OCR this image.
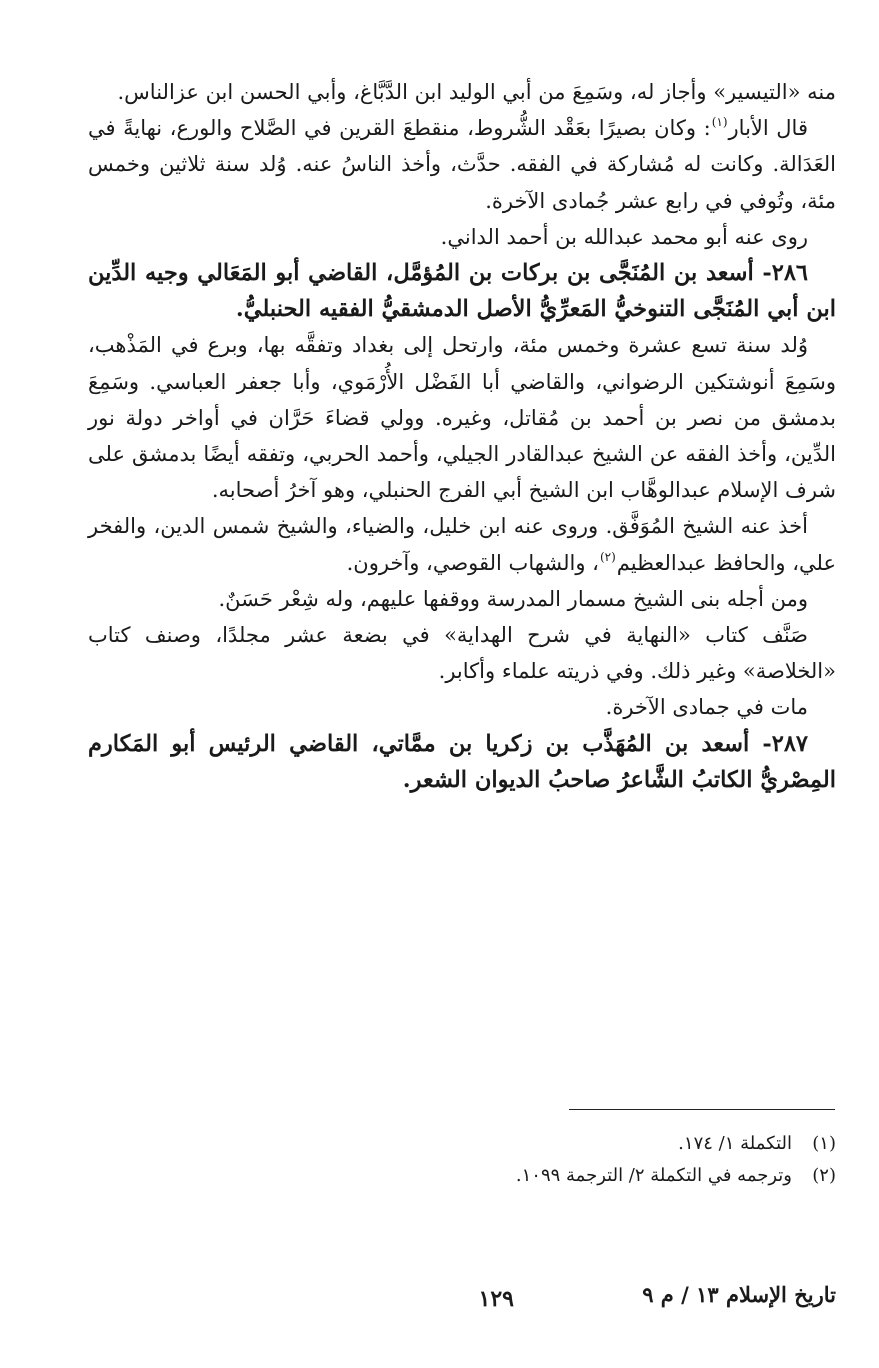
منه «التيسير» وأجاز له، وسَمِعَ من أبي الوليد ابن الدَّبَّاغ، وأبي الحسن ابن عزالناس.

قال الأبار$^{(١)}$: وكان بصيرًا بعَقْد الشُّروط، منقطعَ القرين في الصَّلاح والورع، نهايةً في العَدَالة. وكانت له مُشاركة في الفقه. حدَّث، وأخذ الناسُ عنه. وُلد سنة ثلاثين وخمس مئة، وتُوفي في رابع عشر جُمادى الآخرة.

روى عنه أبو محمد عبدالله بن أحمد الداني.

٢٨٦- أسعد بن المُنَجَّى بن بركات بن المُؤمَّل، القاضي أبو المَعَالي وجيه الدِّين ابن أبي المُنَجَّى التنوخيُّ المَعرِّيُّ الأصل الدمشقيُّ الفقيه الحنبليُّ.

وُلد سنة تسع عشرة وخمس مئة، وارتحل إلى بغداد وتفقَّه بها، وبرع في المَذْهب، وسَمِعَ أنوشتكين الرضواني، والقاضي أبا الفَضْل الأُرْمَوي، وأبا جعفر العباسي. وسَمِعَ بدمشق من نصر بن أحمد بن مُقاتل، وغيره. وولي قضاءَ حَرَّان في أواخر دولة نور الدِّين، وأخذ الفقه عن الشيخ عبدالقادر الجيلي، وأحمد الحربي، وتفقه أيضًا بدمشق على شرف الإسلام عبدالوهَّاب ابن الشيخ أبي الفرج الحنبلي، وهو آخرُ أصحابه.

أخذ عنه الشيخ المُوَفَّق. وروى عنه ابن خليل، والضياء، والشيخ شمس الدين، والفخر علي، والحافظ عبدالعظيم$^{(٢)}$، والشهاب القوصي، وآخرون.

ومن أجله بنى الشيخ مسمار المدرسة ووقفها عليهم، وله شِعْر حَسَنٌ.

صَنَّف كتاب «النهاية في شرح الهداية» في بضعة عشر مجلدًا، وصنف كتاب «الخلاصة» وغير ذلك. وفي ذريته علماء وأكابر.

مات في جمادى الآخرة.

٢٨٧- أسعد بن المُهَذَّب بن زكريا بن ممَّاتي، القاضي الرئيس أبو المَكارم المِصْريُّ الكاتبُ الشَّاعرُ صاحبُ الديوان الشعر.

(١)التكملة ١/ ١٧٤.

(٢)وترجمه في التكملة ٢/ الترجمة ١٠٩٩.

تاريخ الإسلام ١٣ / م ٩
١٢٩
